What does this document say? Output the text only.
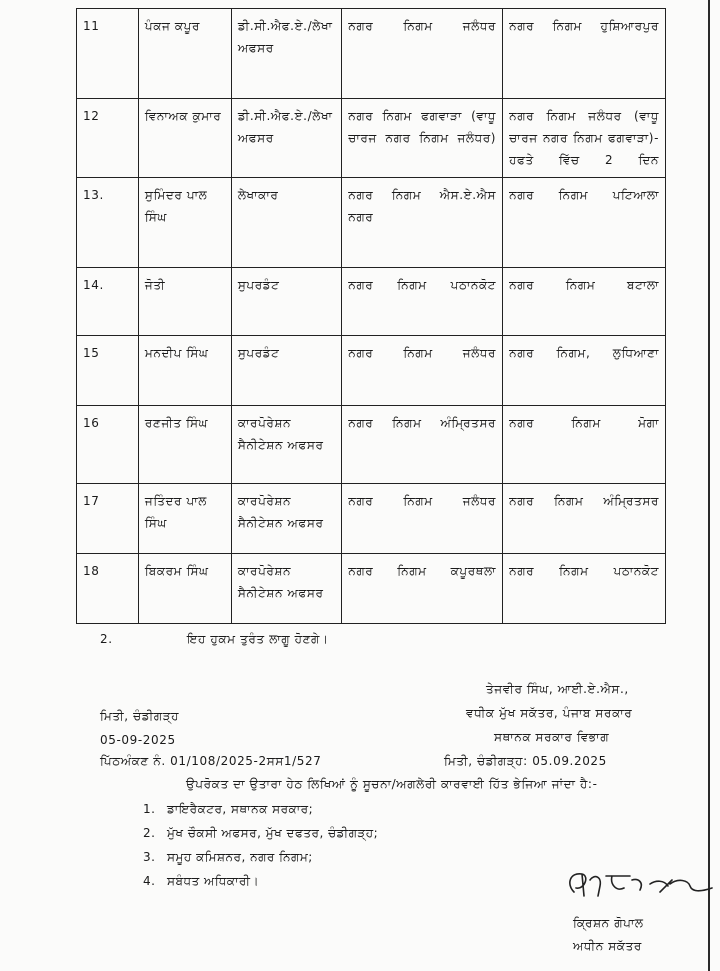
11	ਪੰਕਜ ਕਪੂਰ	ਡੀ.ਸੀ.ਐਫ.ਏ./ਲੇਖਾ ਅਫਸਰ	ਨਗਰ ਨਿਗਮ ਜਲੰਧਰ	ਨਗਰ ਨਿਗਮ ਹੁਸ਼ਿਆਰਪੁਰ
12	ਵਿਨਾਅਕ ਕੁਮਾਰ	ਡੀ.ਸੀ.ਐਫ.ਏ./ਲੇਖਾ ਅਫਸਰ	ਨਗਰ ਨਿਗਮ ਫਗਵਾੜਾ (ਵਾਧੂ ਚਾਰਜ ਨਗਰ ਨਿਗਮ ਜਲੰਧਰ)	ਨਗਰ ਨਿਗਮ ਜਲੰਧਰ (ਵਾਧੂ ਚਾਰਜ ਨਗਰ ਨਿਗਮ ਫਗਵਾੜਾ)- ਹਫਤੇ ਵਿੱਚ 2 ਦਿਨ
13.	ਸੁਮਿੰਦਰ ਪਾਲ ਸਿੰਘ	ਲੇਖਾਕਾਰ	ਨਗਰ ਨਿਗਮ ਐਸ.ਏ.ਐਸ ਨਗਰ	ਨਗਰ ਨਿਗਮ ਪਟਿਆਲਾ
14.	ਜੋਤੀ	ਸੁਪਰਡੰਟ	ਨਗਰ ਨਿਗਮ ਪਠਾਨਕੋਟ	ਨਗਰ ਨਿਗਮ ਬਟਾਲਾ
15	ਮਨਦੀਪ ਸਿੰਘ	ਸੁਪਰਡੰਟ	ਨਗਰ ਨਿਗਮ ਜਲੰਧਰ	ਨਗਰ ਨਿਗਮ, ਲੁਧਿਆਣਾ
16	ਰਣਜੀਤ ਸਿੰਘ	ਕਾਰਪੋਰੇਸ਼ਨ ਸੈਨੀਟੇਸ਼ਨ ਅਫਸਰ	ਨਗਰ ਨਿਗਮ ਅੰਮ੍ਰਿਤਸਰ	ਨਗਰ ਨਿਗਮ ਮੋਗਾ
17	ਜਤਿੰਦਰ ਪਾਲ ਸਿੰਘ	ਕਾਰਪੋਰੇਸ਼ਨ ਸੈਨੀਟੇਸ਼ਨ ਅਫਸਰ	ਨਗਰ ਨਿਗਮ ਜਲੰਧਰ	ਨਗਰ ਨਿਗਮ ਅੰਮ੍ਰਿਤਸਰ
18	ਬਿਕਰਮ ਸਿੰਘ	ਕਾਰਪੋਰੇਸ਼ਨ ਸੈਨੀਟੇਸ਼ਨ ਅਫਸਰ	ਨਗਰ ਨਿਗਮ ਕਪੂਰਥਲਾ	ਨਗਰ ਨਿਗਮ ਪਠਾਨਕੋਟ
2.	ਇਹ ਹੁਕਮ ਤੁਰੰਤ ਲਾਗੂ ਹੋਣਗੇ।
ਤੇਜਵੀਰ ਸਿੰਘ, ਆਈ.ਏ.ਐਸ.,
ਵਧੀਕ ਮੁੱਖ ਸਕੱਤਰ, ਪੰਜਾਬ ਸਰਕਾਰ
ਸਥਾਨਕ ਸਰਕਾਰ ਵਿਭਾਗ
ਮਿਤੀ, ਚੰਡੀਗੜ੍ਹ
05-09-2025
ਪਿੱਠਅੰਕਣ ਨੰ. 01/108/2025-2ਸਸ1/527	ਮਿਤੀ, ਚੰਡੀਗੜ੍ਹ: 05.09.2025
ਉਪਰੋਕਤ ਦਾ ਉਤਾਰਾ ਹੇਠ ਲਿਖਿਆਂ ਨੂੰ ਸੂਚਨਾ/ਅਗਲੇਰੀ ਕਾਰਵਾਈ ਹਿੱਤ ਭੇਜਿਆ ਜਾਂਦਾ ਹੈ:-
1. ਡਾਇਰੈਕਟਰ, ਸਥਾਨਕ ਸਰਕਾਰ;
2. ਮੁੱਖ ਚੌਕਸੀ ਅਫਸਰ, ਮੁੱਖ ਦਫਤਰ, ਚੰਡੀਗੜ੍ਹ;
3. ਸਮੂਹ ਕਮਿਸ਼ਨਰ, ਨਗਰ ਨਿਗਮ;
4. ਸਬੰਧਤ ਅਧਿਕਾਰੀ।
ਕ੍ਰਿਸ਼ਨ ਗੋਪਾਲ
ਅਧੀਨ ਸਕੱਤਰ
